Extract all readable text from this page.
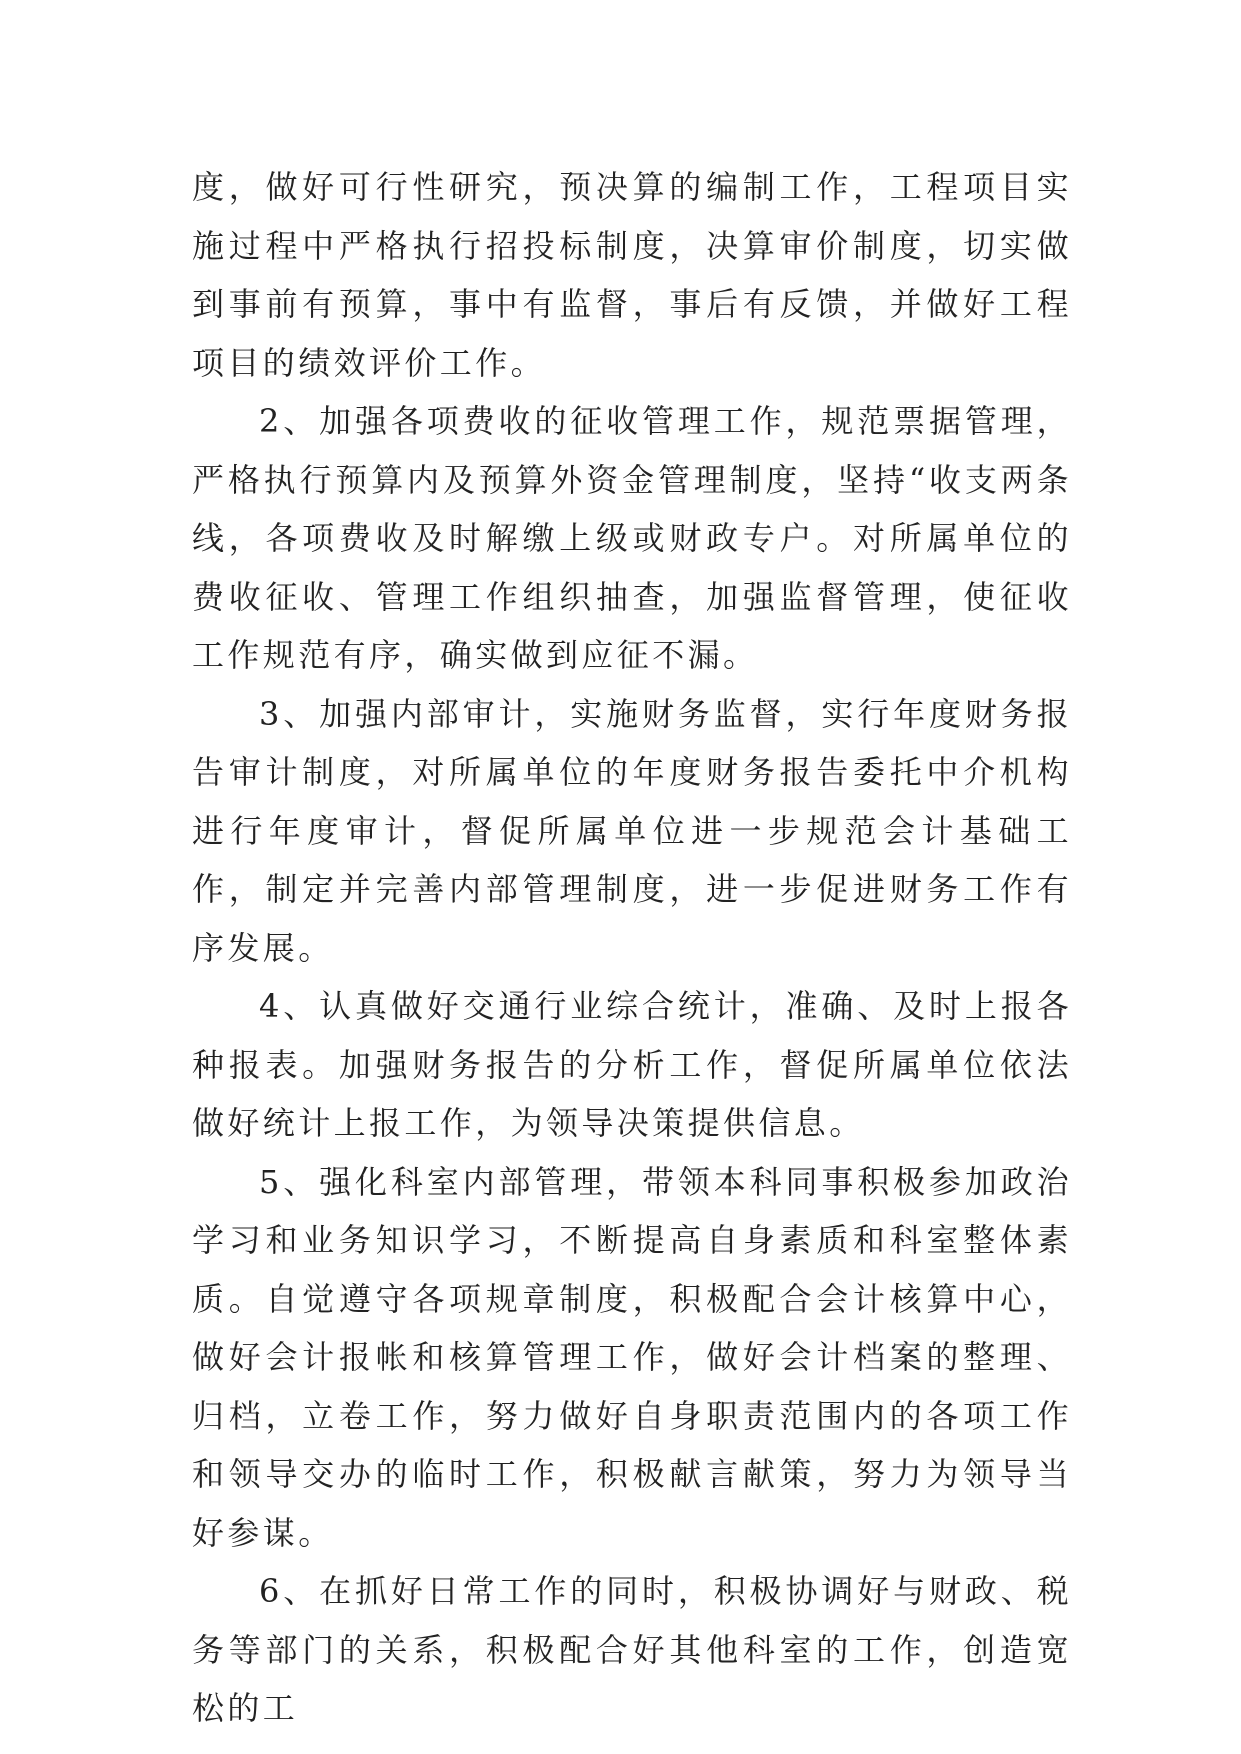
度，做好可行性研究，预决算的编制工作，工程项目实施过程中严格执行招投标制度，决算审价制度，切实做到事前有预算，事中有监督，事后有反馈，并做好工程项目的绩效评价工作。

2、加强各项费收的征收管理工作，规范票据管理，严格执行预算内及预算外资金管理制度，坚持“收支两条线，各项费收及时解缴上级或财政专户。对所属单位的费收征收、管理工作组织抽查，加强监督管理，使征收工作规范有序，确实做到应征不漏。

3、加强内部审计，实施财务监督，实行年度财务报告审计制度，对所属单位的年度财务报告委托中介机构进行年度审计，督促所属单位进一步规范会计基础工作，制定并完善内部管理制度，进一步促进财务工作有序发展。

4、认真做好交通行业综合统计，准确、及时上报各种报表。加强财务报告的分析工作，督促所属单位依法做好统计上报工作，为领导决策提供信息。

5、强化科室内部管理，带领本科同事积极参加政治学习和业务知识学习，不断提高自身素质和科室整体素质。自觉遵守各项规章制度，积极配合会计核算中心，做好会计报帐和核算管理工作，做好会计档案的整理、归档，立卷工作，努力做好自身职责范围内的各项工作和领导交办的临时工作，积极献言献策，努力为领导当好参谋。

6、在抓好日常工作的同时，积极协调好与财政、税务等部门的关系，积极配合好其他科室的工作，创造宽松的工
